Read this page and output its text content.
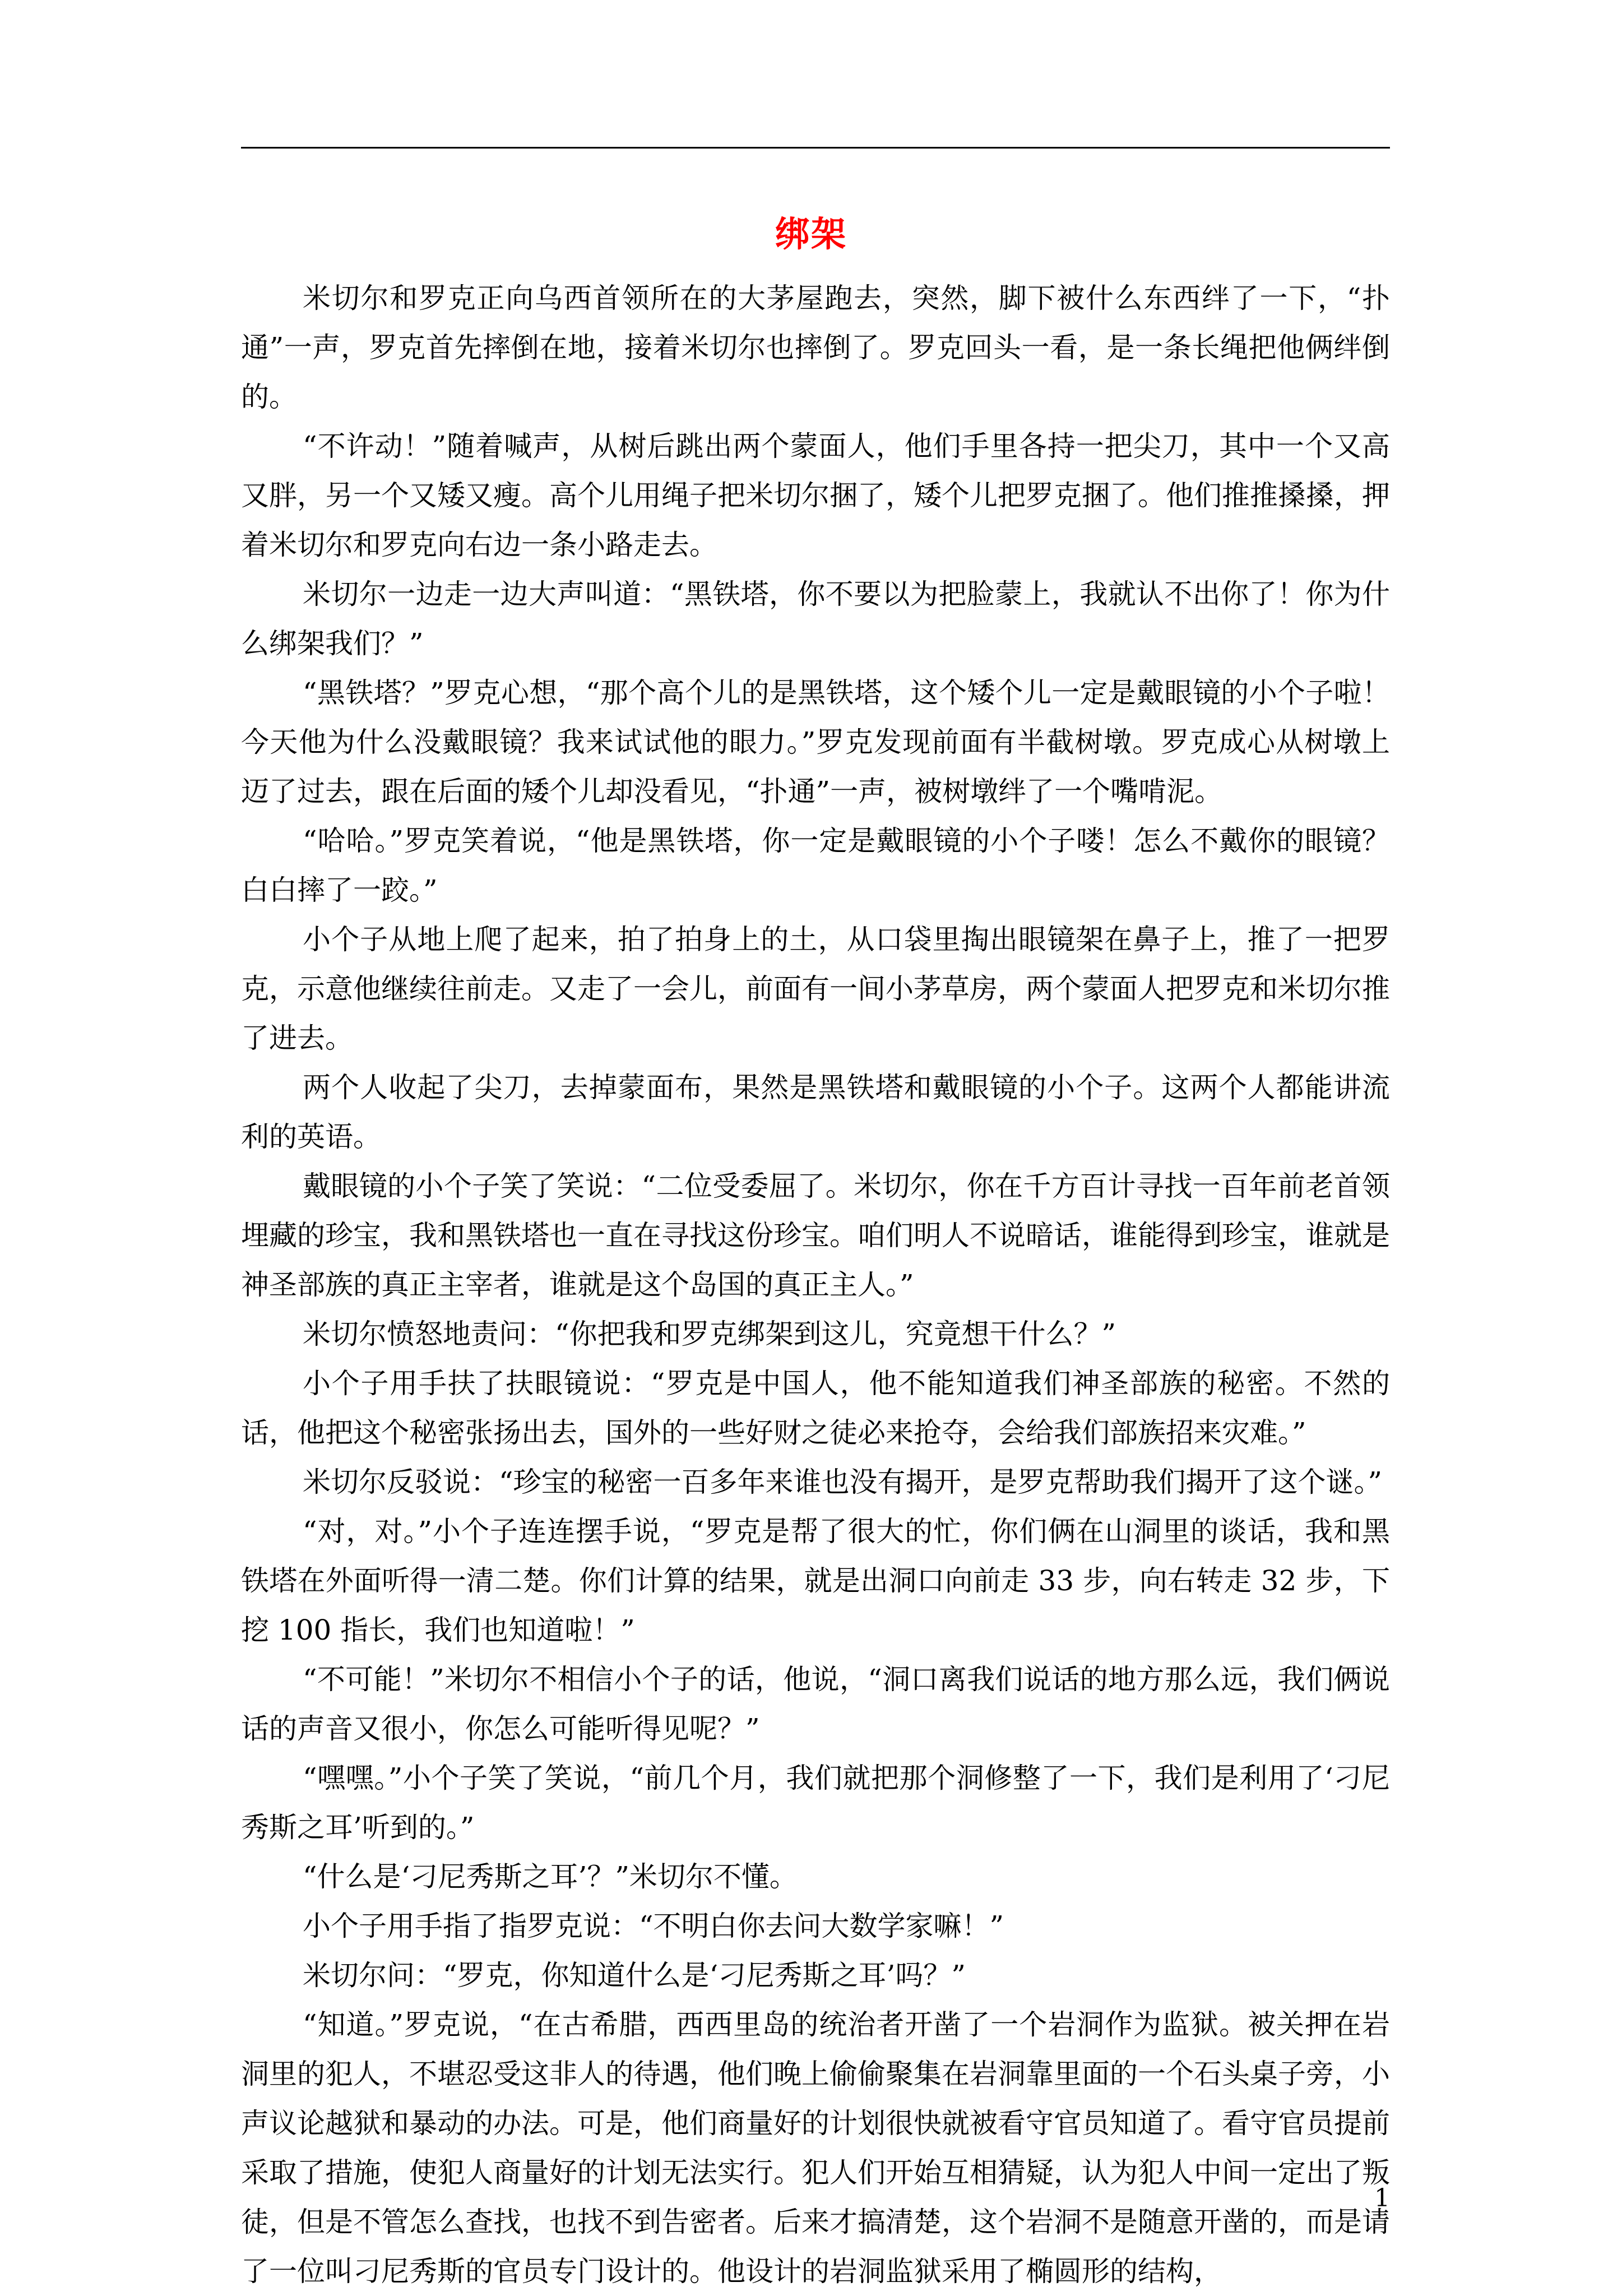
绑架

米切尔和罗克正向乌西首领所在的大茅屋跑去，突然，脚下被什么东西绊了一下，“扑通”一声，罗克首先摔倒在地，接着米切尔也摔倒了。罗克回头一看，是一条长绳把他俩绊倒的。

“不许动！”随着喊声，从树后跳出两个蒙面人，他们手里各持一把尖刀，其中一个又高又胖，另一个又矮又瘦。高个儿用绳子把米切尔捆了，矮个儿把罗克捆了。他们推推搡搡，押着米切尔和罗克向右边一条小路走去。

米切尔一边走一边大声叫道：“黑铁塔，你不要以为把脸蒙上，我就认不出你了！你为什么绑架我们？”

“黑铁塔？”罗克心想，“那个高个儿的是黑铁塔，这个矮个儿一定是戴眼镜的小个子啦！今天他为什么没戴眼镜？我来试试他的眼力。”罗克发现前面有半截树墩。罗克成心从树墩上迈了过去，跟在后面的矮个儿却没看见，“扑通”一声，被树墩绊了一个嘴啃泥。

“哈哈。”罗克笑着说，“他是黑铁塔，你一定是戴眼镜的小个子喽！怎么不戴你的眼镜？白白摔了一跤。”

小个子从地上爬了起来，拍了拍身上的土，从口袋里掏出眼镜架在鼻子上，推了一把罗克，示意他继续往前走。又走了一会儿，前面有一间小茅草房，两个蒙面人把罗克和米切尔推了进去。

两个人收起了尖刀，去掉蒙面布，果然是黑铁塔和戴眼镜的小个子。这两个人都能讲流利的英语。

戴眼镜的小个子笑了笑说：“二位受委屈了。米切尔，你在千方百计寻找一百年前老首领埋藏的珍宝，我和黑铁塔也一直在寻找这份珍宝。咱们明人不说暗话，谁能得到珍宝，谁就是神圣部族的真正主宰者，谁就是这个岛国的真正主人。”

米切尔愤怒地责问：“你把我和罗克绑架到这儿，究竟想干什么？”

小个子用手扶了扶眼镜说：“罗克是中国人，他不能知道我们神圣部族的秘密。不然的话，他把这个秘密张扬出去，国外的一些好财之徒必来抢夺，会给我们部族招来灾难。”

米切尔反驳说：“珍宝的秘密一百多年来谁也没有揭开，是罗克帮助我们揭开了这个谜。”

“对，对。”小个子连连摆手说，“罗克是帮了很大的忙，你们俩在山洞里的谈话，我和黑铁塔在外面听得一清二楚。你们计算的结果，就是出洞口向前走 33 步，向右转走 32 步，下挖 100 指长，我们也知道啦！”

“不可能！”米切尔不相信小个子的话，他说，“洞口离我们说话的地方那么远，我们俩说话的声音又很小，你怎么可能听得见呢？”

“嘿嘿。”小个子笑了笑说，“前几个月，我们就把那个洞修整了一下，我们是利用了‘刁尼秀斯之耳’听到的。”

“什么是‘刁尼秀斯之耳’？”米切尔不懂。

小个子用手指了指罗克说：“不明白你去问大数学家嘛！”

米切尔问：“罗克，你知道什么是‘刁尼秀斯之耳’吗？”

“知道。”罗克说，“在古希腊，西西里岛的统治者开凿了一个岩洞作为监狱。被关押在岩洞里的犯人，不堪忍受这非人的待遇，他们晚上偷偷聚集在岩洞靠里面的一个石头桌子旁，小声议论越狱和暴动的办法。可是，他们商量好的计划很快就被看守官员知道了。看守官员提前采取了措施，使犯人商量好的计划无法实行。犯人们开始互相猜疑，认为犯人中间一定出了叛徒，但是不管怎么查找，也找不到告密者。后来才搞清楚，这个岩洞不是随意开凿的，而是请了一位叫刁尼秀斯的官员专门设计的。他设计的岩洞监狱采用了椭圆形的结构，

1
